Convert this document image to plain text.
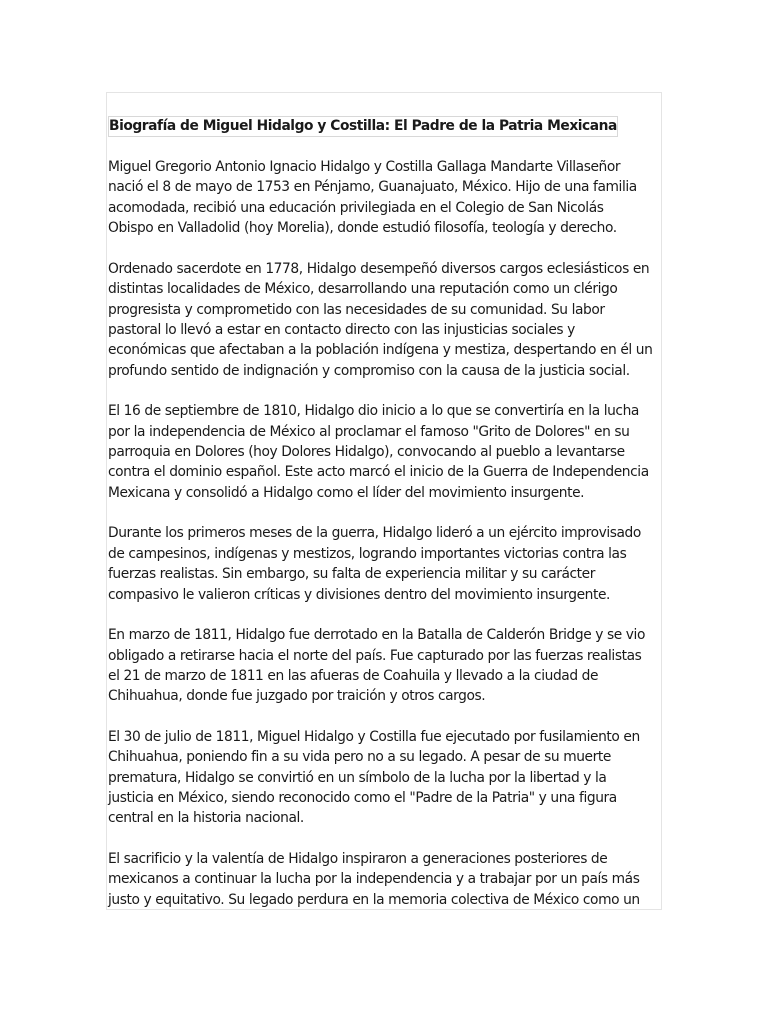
Biografía de Miguel Hidalgo y Costilla: El Padre de la Patria Mexicana
Miguel Gregorio Antonio Ignacio Hidalgo y Costilla Gallaga Mandarte Villaseñor
nació el 8 de mayo de 1753 en Pénjamo, Guanajuato, México. Hijo de una familia
acomodada, recibió una educación privilegiada en el Colegio de San Nicolás
Obispo en Valladolid (hoy Morelia), donde estudió filosofía, teología y derecho.
Ordenado sacerdote en 1778, Hidalgo desempeñó diversos cargos eclesiásticos en
distintas localidades de México, desarrollando una reputación como un clérigo
progresista y comprometido con las necesidades de su comunidad. Su labor
pastoral lo llevó a estar en contacto directo con las injusticias sociales y
económicas que afectaban a la población indígena y mestiza, despertando en él un
profundo sentido de indignación y compromiso con la causa de la justicia social.
El 16 de septiembre de 1810, Hidalgo dio inicio a lo que se convertiría en la lucha
por la independencia de México al proclamar el famoso "Grito de Dolores" en su
parroquia en Dolores (hoy Dolores Hidalgo), convocando al pueblo a levantarse
contra el dominio español. Este acto marcó el inicio de la Guerra de Independencia
Mexicana y consolidó a Hidalgo como el líder del movimiento insurgente.
Durante los primeros meses de la guerra, Hidalgo lideró a un ejército improvisado
de campesinos, indígenas y mestizos, logrando importantes victorias contra las
fuerzas realistas. Sin embargo, su falta de experiencia militar y su carácter
compasivo le valieron críticas y divisiones dentro del movimiento insurgente.
En marzo de 1811, Hidalgo fue derrotado en la Batalla de Calderón Bridge y se vio
obligado a retirarse hacia el norte del país. Fue capturado por las fuerzas realistas
el 21 de marzo de 1811 en las afueras de Coahuila y llevado a la ciudad de
Chihuahua, donde fue juzgado por traición y otros cargos.
El 30 de julio de 1811, Miguel Hidalgo y Costilla fue ejecutado por fusilamiento en
Chihuahua, poniendo fin a su vida pero no a su legado. A pesar de su muerte
prematura, Hidalgo se convirtió en un símbolo de la lucha por la libertad y la
justicia en México, siendo reconocido como el "Padre de la Patria" y una figura
central en la historia nacional.
El sacrificio y la valentía de Hidalgo inspiraron a generaciones posteriores de
mexicanos a continuar la lucha por la independencia y a trabajar por un país más
justo y equitativo. Su legado perdura en la memoria colectiva de México como un
